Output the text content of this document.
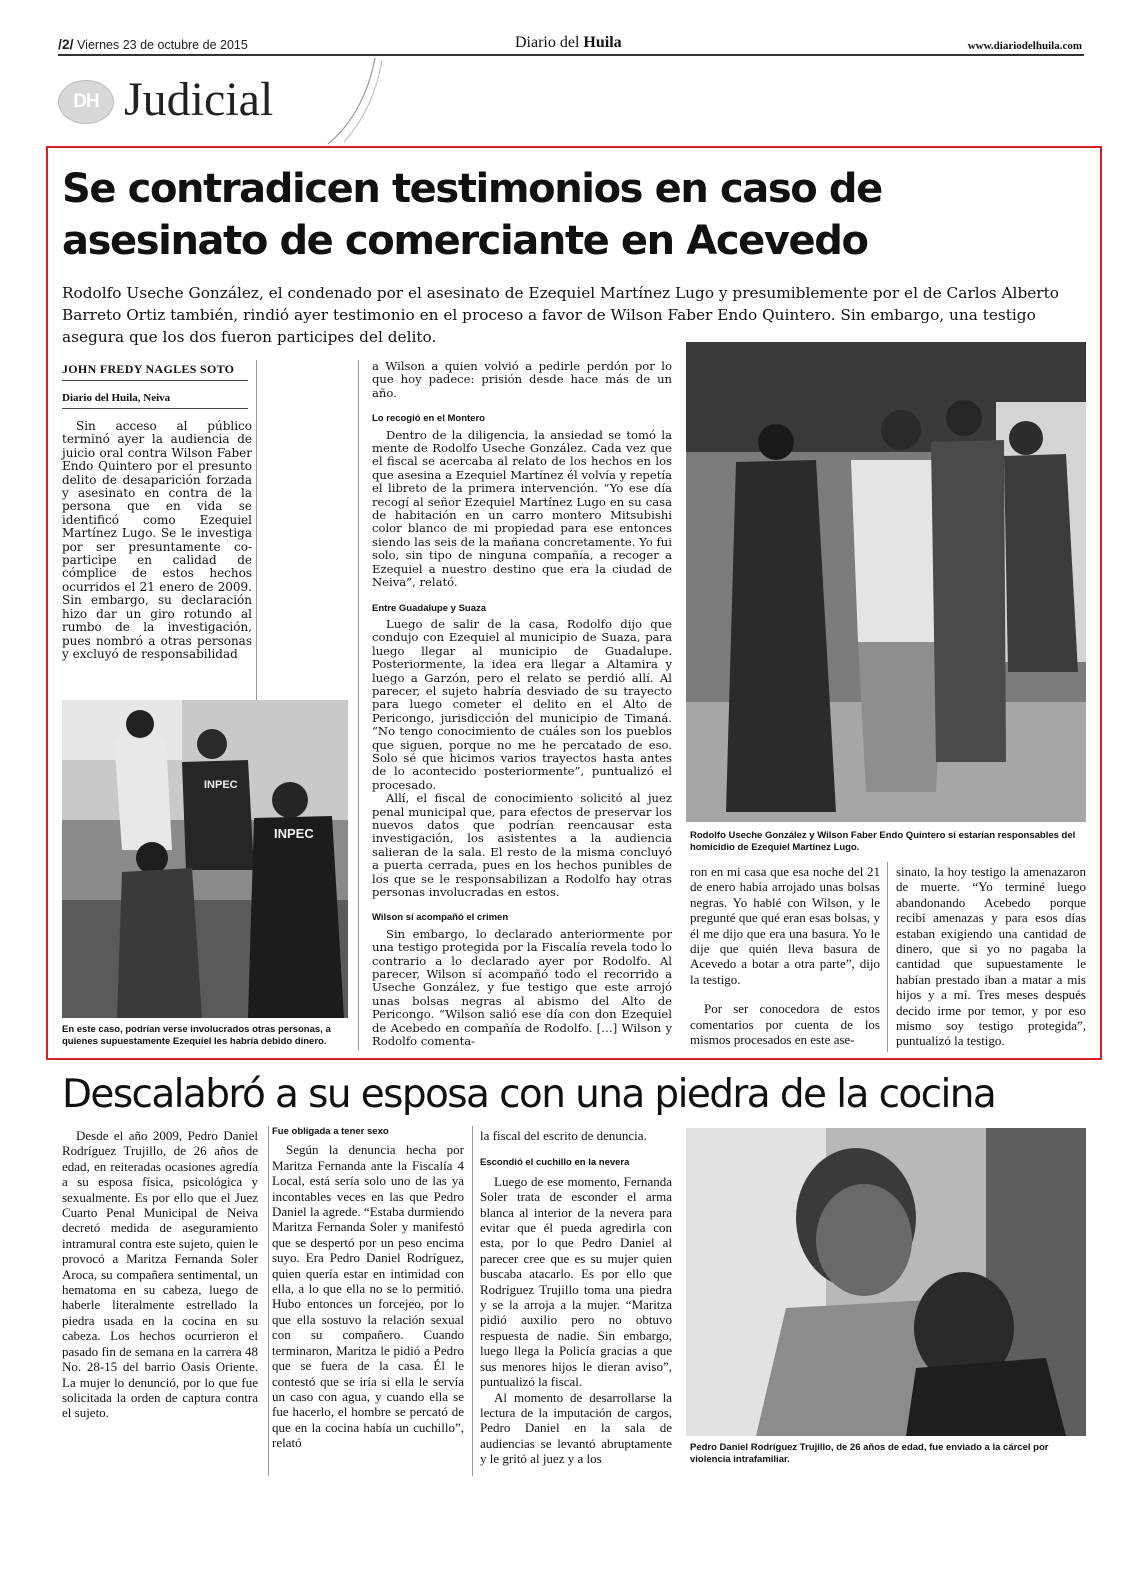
/2/ Viernes 23 de octubre de 2015	Diario del Huila	www.diariodelhuila.com
DH Judicial
Se contradicen testimonios en caso de asesinato de comerciante en Acevedo
Rodolfo Useche González, el condenado por el asesinato de Ezequiel Martínez Lugo y presumiblemente por el de Carlos Alberto Barreto Ortiz también, rindió ayer testimonio en el proceso a favor de Wilson Faber Endo Quintero. Sin embargo, una testigo asegura que los dos fueron participes del delito.
JOHN FREDY NAGLES SOTO
Diario del Huila, Neiva

Sin acceso al público terminó ayer la audiencia de juicio oral contra Wilson Faber Endo Quintero por el presunto delito de desaparición forzada y asesinato en contra de la persona que en vida se identificó como Ezequiel Martínez Lugo. Se le investiga por ser presuntamente co-participe en calidad de cómplice de estos hechos ocurridos el 21 enero de 2009. Sin embargo, su declaración hizo dar un giro rotundo al rumbo de la investigación, pues nombró a otras personas y excluyó de responsabilidad

INPEC
INPEC
En este caso, podrían verse involucrados otras personas, a quienes supuestamente Ezequiel les habría debido dinero.

a Wilson a quien volvió a pedirle perdón por lo que hoy padece: prisión desde hace más de un año.

Lo recogió en el Montero

Dentro de la diligencia, la ansiedad se tomó la mente de Rodolfo Useche González. Cada vez que el fiscal se acercaba al relato de los hechos en los que asesina a Ezequiel Martínez él volvía y repetía el libreto de la primera intervención. “Yo ese día recogí al señor Ezequiel Martínez Lugo en su casa de habitación en un carro montero Mitsubishi color blanco de mi propiedad para ese entonces siendo las seis de la mañana concretamente. Yo fui solo, sin tipo de ninguna compañía, a recoger a Ezequiel a nuestro destino que era la ciudad de Neiva”, relató.

Entre Guadalupe y Suaza

Luego de salir de la casa, Rodolfo dijo que condujo con Ezequiel al municipio de Suaza, para luego llegar al municipio de Guadalupe. Posteriormente, la idea era llegar a Altamira y luego a Garzón, pero el relato se perdió allí. Al parecer, el sujeto habría desviado de su trayecto para luego cometer el delito en el Alto de Pericongo, jurisdicción del municipio de Timaná. “No tengo conocimiento de cuáles son los pueblos que siguen, porque no me he percatado de eso. Solo sé que hicimos varios trayectos hasta antes de lo acontecido posteriormente”, puntualizó el procesado.

Allí, el fiscal de conocimiento solicitó al juez penal municipal que, para efectos de preservar los nuevos datos que podrían reencausar esta investigación, los asistentes a la audiencia salieran de la sala. El resto de la misma concluyó a puerta cerrada, pues en los hechos punibles de los que se le responsabilizan a Rodolfo hay otras personas involucradas en estos.

Wilson sí acompañó el crimen

Sin embargo, lo declarado anteriormente por una testigo protegida por la Fiscalía revela todo lo contrario a lo declarado ayer por Rodolfo. Al parecer, Wilson sí acompañó todo el recorrido a Useche González, y fue testigo que este arrojó unas bolsas negras al abismo del Alto de Pericongo. “Wilson salió ese día con don Ezequiel de Acebedo en compañía de Rodolfo. […] Wilson y Rodolfo comenta-

Rodolfo Useche González y Wilson Faber Endo Quintero sí estarían responsables del homicidio de Ezequiel Martínez Lugo.

ron en mi casa que esa noche del 21 de enero había arrojado unas bolsas negras. Yo hablé con Wilson, y le pregunté que qué eran esas bolsas, y él me dijo que era una basura. Yo le dije que quién lleva basura de Acevedo a botar a otra parte”, dijo la testigo.

Por ser conocedora de estos comentarios por cuenta de los mismos procesados en este ase-

sinato, la hoy testigo la amenazaron de muerte. “Yo terminé luego abandonando Acebedo porque recibí amenazas y para esos días estaban exigiendo una cantidad de dinero, que si yo no pagaba la cantidad que supuestamente le habían prestado iban a matar a mis hijos y a mí. Tres meses después decido irme por temor, y por eso mismo soy testigo protegida”, puntualizó la testigo.

Descalabró a su esposa con una piedra de la cocina

Desde el año 2009, Pedro Daniel Rodríguez Trujillo, de 26 años de edad, en reiteradas ocasiones agredía a su esposa física, psicológica y sexualmente. Es por ello que el Juez Cuarto Penal Municipal de Neiva decretó medida de aseguramiento intramural contra este sujeto, quien le provocó a Maritza Fernanda Soler Aroca, su compañera sentimental, un hematoma en su cabeza, luego de haberle literalmente estrellado la piedra usada en la cocina en su cabeza. Los hechos ocurrieron el pasado fin de semana en la carrera 48 No. 28-15 del barrio Oasis Oriente. La mujer lo denunció, por lo que fue solicitada la orden de captura contra el sujeto.

Fue obligada a tener sexo

Según la denuncia hecha por Maritza Fernanda ante la Fiscalía 4 Local, está sería solo uno de las ya incontables veces en las que Pedro Daniel la agrede. “Estaba durmiendo Maritza Fernanda Soler y manifestó que se despertó por un peso encima suyo. Era Pedro Daniel Rodríguez, quien quería estar en intimidad con ella, a lo que ella no se lo permitió. Hubo entonces un forcejeo, por lo que ella sostuvo la relación sexual con su compañero. Cuando terminaron, Maritza le pidió a Pedro que se fuera de la casa. Él le contestó que se iría si ella le servía un caso con agua, y cuando ella se fue hacerlo, el hombre se percató de que en la cocina había un cuchillo”, relató

la fiscal del escrito de denuncia.

Escondió el cuchillo en la nevera

Luego de ese momento, Fernanda Soler trata de esconder el arma blanca al interior de la nevera para evitar que él pueda agredirla con esta, por lo que Pedro Daniel al parecer cree que es su mujer quien buscaba atacarlo. Es por ello que Rodríguez Trujillo toma una piedra y se la arroja a la mujer. “Maritza pidió auxilio pero no obtuvo respuesta de nadie. Sin embargo, luego llega la Policía gracias a que sus menores hijos le dieran aviso”, puntualizó la fiscal.

Al momento de desarrollarse la lectura de la imputación de cargos, Pedro Daniel en la sala de audiencias se levantó abruptamente y le gritó al juez y a los

Pedro Daniel Rodríguez Trujillo, de 26 años de edad, fue enviado a la cárcel por violencia intrafamiliar.
